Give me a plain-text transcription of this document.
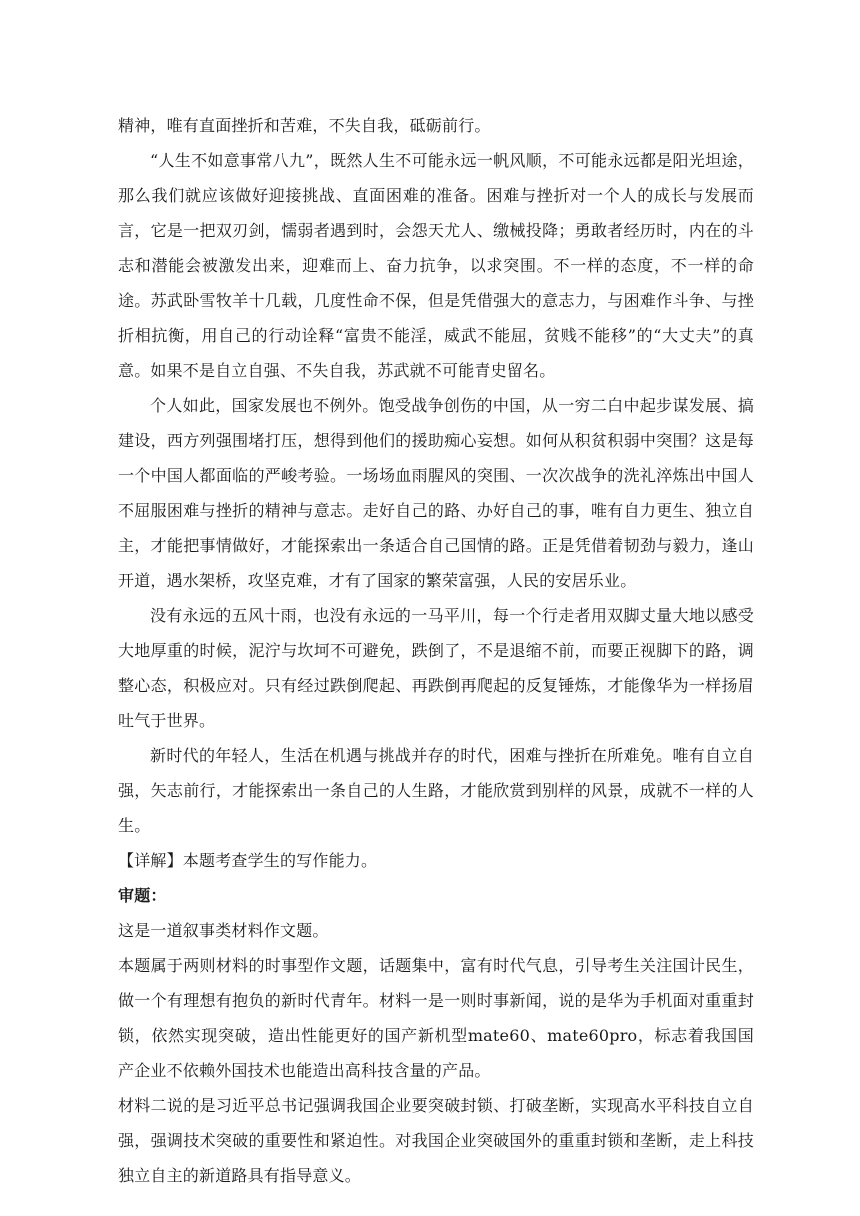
精神，唯有直面挫折和苦难，不失自我，砥砺前行。

“人生不如意事常八九”，既然人生不可能永远一帆风顺，不可能永远都是阳光坦途，那么我们就应该做好迎接挑战、直面困难的准备。困难与挫折对一个人的成长与发展而言，它是一把双刃剑，懦弱者遇到时，会怨天尤人、缴械投降；勇敢者经历时，内在的斗志和潜能会被激发出来，迎难而上、奋力抗争，以求突围。不一样的态度，不一样的命途。苏武卧雪牧羊十几载，几度性命不保，但是凭借强大的意志力，与困难作斗争、与挫折相抗衡，用自己的行动诠释“富贵不能淫，威武不能屈，贫贱不能移”的“大丈夫”的真意。如果不是自立自强、不失自我，苏武就不可能青史留名。

个人如此，国家发展也不例外。饱受战争创伤的中国，从一穷二白中起步谋发展、搞建设，西方列强围堵打压，想得到他们的援助痴心妄想。如何从积贫积弱中突围？这是每一个中国人都面临的严峻考验。一场场血雨腥风的突围、一次次战争的洗礼淬炼出中国人不屈服困难与挫折的精神与意志。走好自己的路、办好自己的事，唯有自力更生、独立自主，才能把事情做好，才能探索出一条适合自己国情的路。正是凭借着韧劲与毅力，逢山开道，遇水架桥，攻坚克难，才有了国家的繁荣富强，人民的安居乐业。

没有永远的五风十雨，也没有永远的一马平川，每一个行走者用双脚丈量大地以感受大地厚重的时候，泥泞与坎坷不可避免，跌倒了，不是退缩不前，而要正视脚下的路，调整心态，积极应对。只有经过跌倒爬起、再跌倒再爬起的反复锤炼，才能像华为一样扬眉吐气于世界。

新时代的年轻人，生活在机遇与挑战并存的时代，困难与挫折在所难免。唯有自立自强，矢志前行，才能探索出一条自己的人生路，才能欣赏到别样的风景，成就不一样的人生。

【详解】本题考查学生的写作能力。

审题：

这是一道叙事类材料作文题。

本题属于两则材料的时事型作文题，话题集中，富有时代气息，引导考生关注国计民生，做一个有理想有抱负的新时代青年。材料一是一则时事新闻，说的是华为手机面对重重封锁，依然实现突破，造出性能更好的国产新机型mate60、mate60pro，标志着我国国产企业不依赖外国技术也能造出高科技含量的产品。

材料二说的是习近平总书记强调我国企业要突破封锁、打破垄断，实现高水平科技自立自强，强调技术突破的重要性和紧迫性。对我国企业突破国外的重重封锁和垄断，走上科技独立自主的新道路具有指导意义。
